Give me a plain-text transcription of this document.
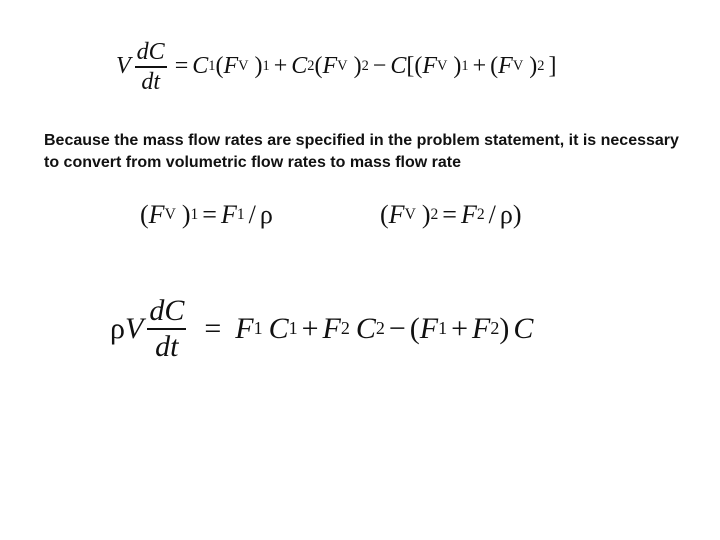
V $\frac{dC}{dt} = C$ 1 ( F V ) 1 + C 2 ( F V ) 2 − C [ ( F V ) 1 + ( F V ) 2 ]

Because the mass flow rates are specified in the problem statement, it is necessary to convert from volumetric flow rates to mass flow rate

( F V ) 1 = F 1 / ρ	( F V ) 2 = F 2 / ρ )
ρ V $\frac{dC}{dt} = F$ 1 C 1 + F 2 C 2 − ( F 1 + F 2 ) C
